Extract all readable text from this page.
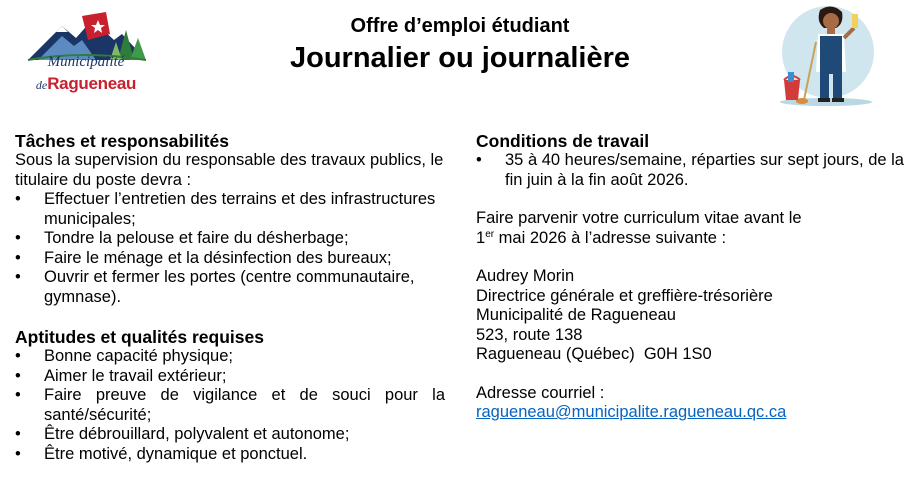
Municipalité
deRagueneau
Offre d’emploi étudiant
Journalier ou journalière
Tâches et responsabilités
Sous la supervision du responsable des travaux publics, le titulaire du poste devra :
•	Effectuer l’entretien des terrains et des infrastructures municipales;
•	Tondre la pelouse et faire du désherbage;
•	Faire le ménage et la désinfection des bureaux;
•	Ouvrir et fermer les portes (centre communautaire, gymnase).
Aptitudes et qualités requises
•	Bonne capacité physique;
•	Aimer le travail extérieur;
•	Faire preuve de vigilance et de souci pour la santé/sécurité;
•	Être débrouillard, polyvalent et autonome;
•	Être motivé, dynamique et ponctuel.
Conditions de travail
•	35 à 40 heures/semaine, réparties sur sept jours, de la fin juin à la fin août 2026.
Faire parvenir votre curriculum vitae avant le
1er mai 2026 à l’adresse suivante :
Audrey Morin
Directrice générale et greffière-trésorière
Municipalité de Ragueneau
523, route 138
Ragueneau (Québec)  G0H 1S0
Adresse courriel :
ragueneau@municipalite.ragueneau.qc.ca
